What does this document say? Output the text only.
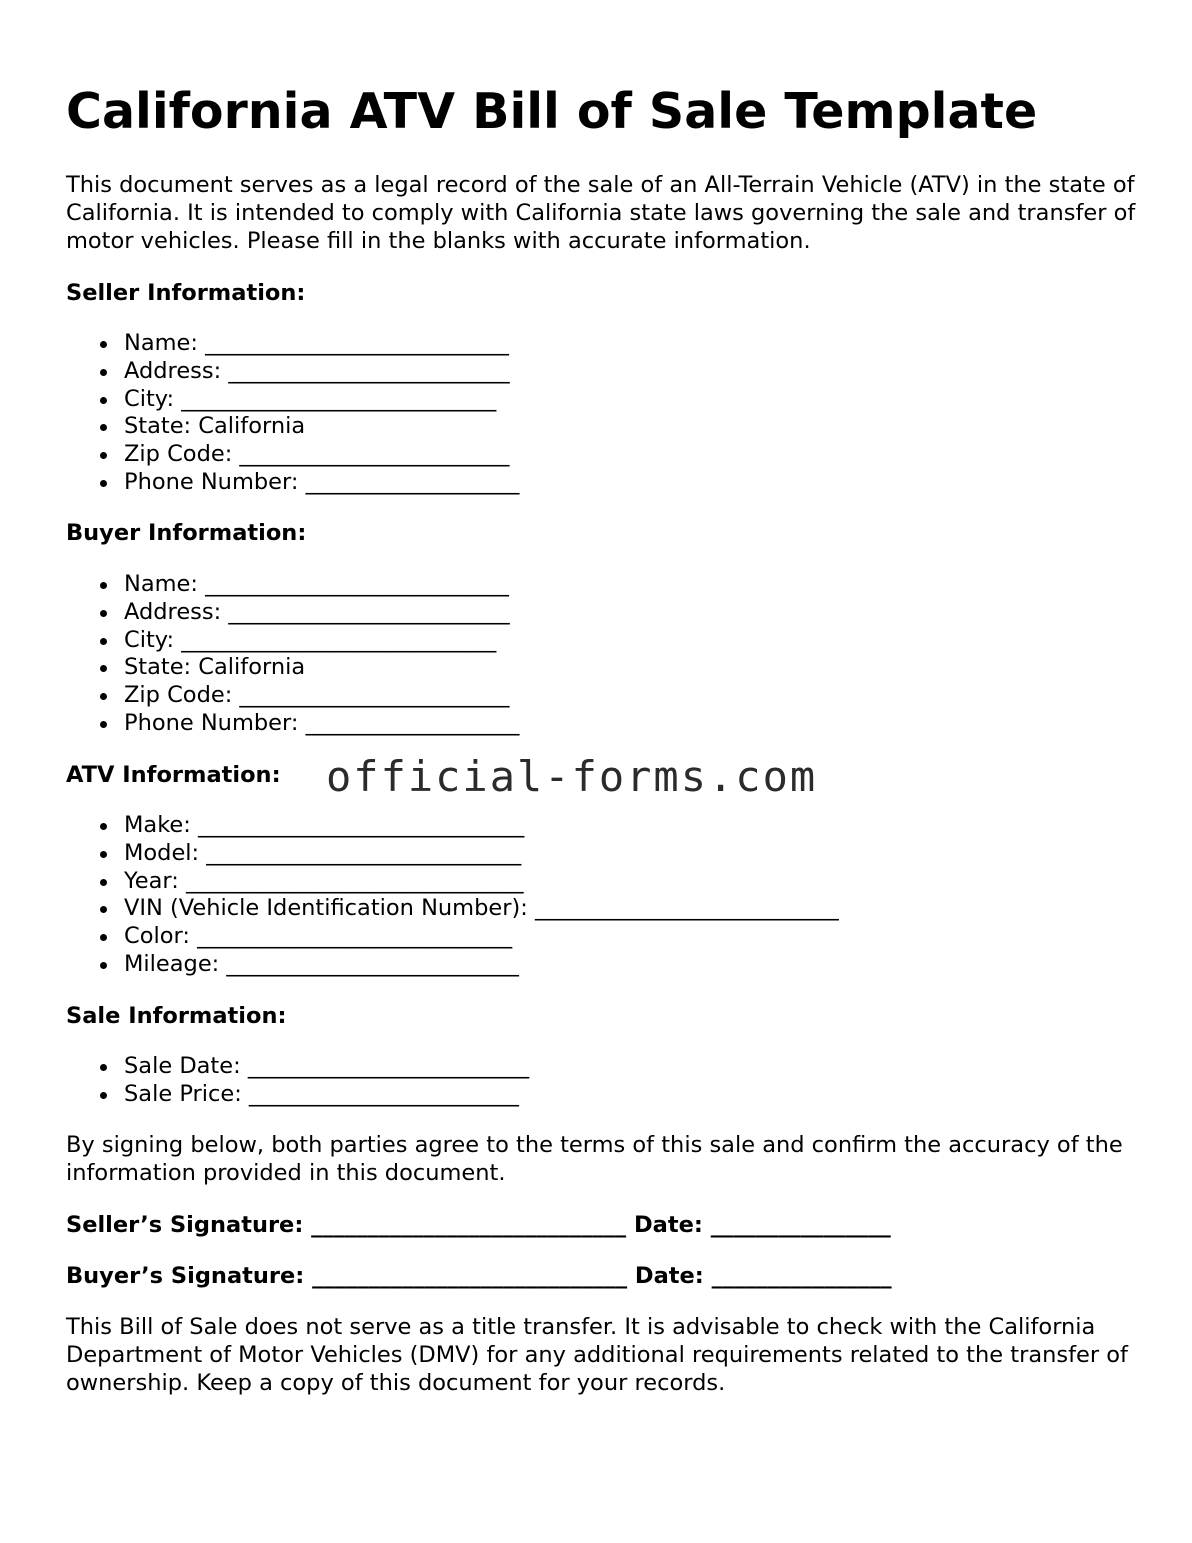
California ATV Bill of Sale Template

This document serves as a legal record of the sale of an All-Terrain Vehicle (ATV) in the state of California. It is intended to comply with California state laws governing the sale and transfer of motor vehicles. Please fill in the blanks with accurate information.

Seller Information:
Name: ___________________________
Address: _________________________
City: ____________________________
State: California
Zip Code: ________________________
Phone Number: ___________________
Buyer Information:
Name: ___________________________
Address: _________________________
City: ____________________________
State: California
Zip Code: ________________________
Phone Number: ___________________
ATV Information:
Make: _____________________________
Model: ____________________________
Year: ______________________________
VIN (Vehicle Identification Number): ___________________________
Color: ____________________________
Mileage: __________________________
Sale Information:
Sale Date: _________________________
Sale Price: ________________________

By signing below, both parties agree to the terms of this sale and confirm the accuracy of the information provided in this document.

Seller’s Signature: ____________________________ Date: ________________
Buyer’s Signature: ____________________________ Date: ________________

This Bill of Sale does not serve as a title transfer. It is advisable to check with the California Department of Motor Vehicles (DMV) for any additional requirements related to the transfer of ownership. Keep a copy of this document for your records.

official-forms.com
